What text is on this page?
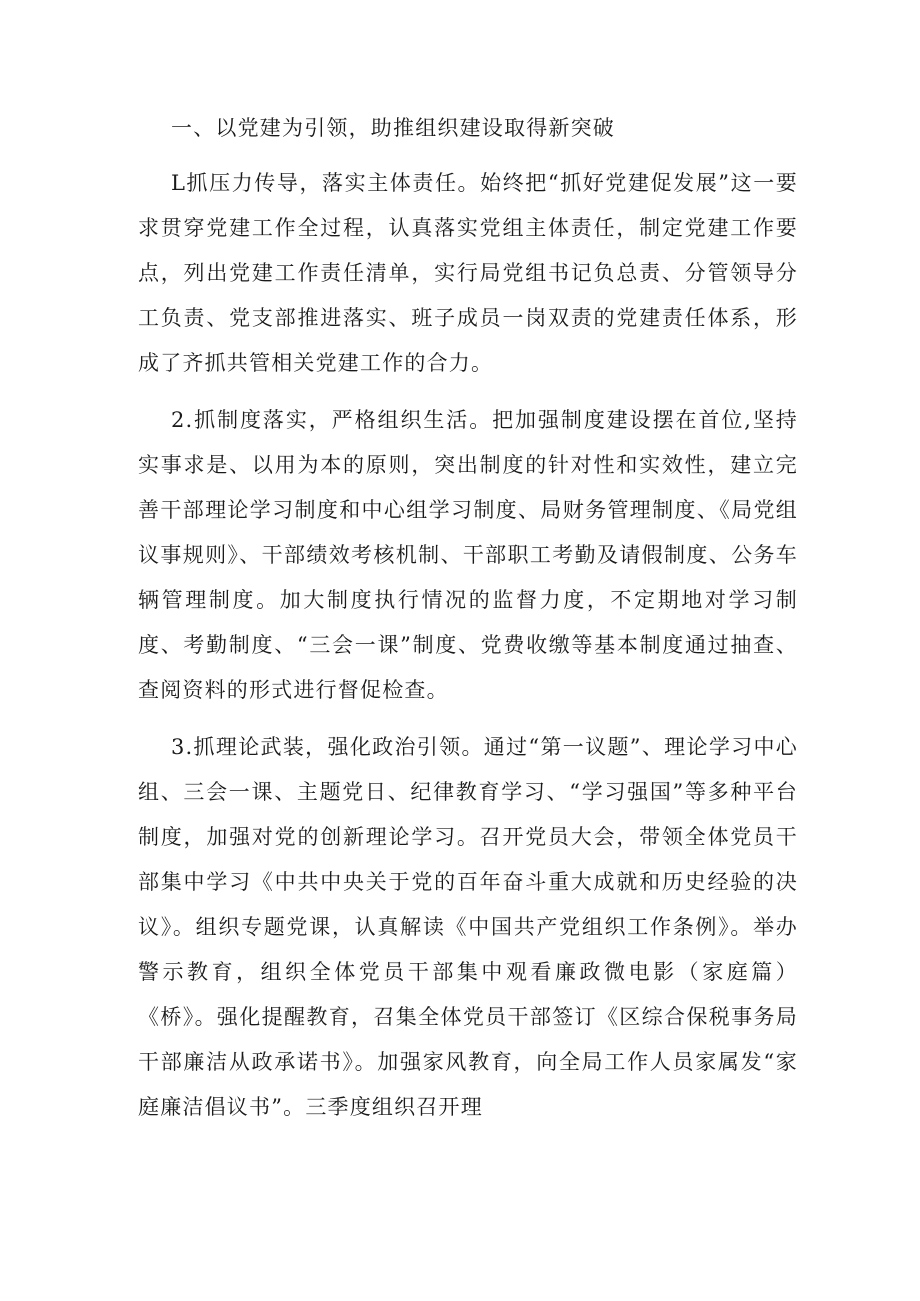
一、以党建为引领，助推组织建设取得新突破

L抓压力传导，落实主体责任。始终把“抓好党建促发展”这一要求贯穿党建工作全过程，认真落实党组主体责任，制定党建工作要点，列出党建工作责任清单，实行局党组书记负总责、分管领导分工负责、党支部推进落实、班子成员一岗双责的党建责任体系，形成了齐抓共管相关党建工作的合力。

2.抓制度落实，严格组织生活。把加强制度建设摆在首位,坚持实事求是、以用为本的原则，突出制度的针对性和实效性，建立完善干部理论学习制度和中心组学习制度、局财务管理制度、《局党组议事规则》、干部绩效考核机制、干部职工考勤及请假制度、公务车辆管理制度。加大制度执行情况的监督力度，不定期地对学习制度、考勤制度、“三会一课”制度、党费收缴等基本制度通过抽查、查阅资料的形式进行督促检查。

3.抓理论武装，强化政治引领。通过“第一议题”、理论学习中心组、三会一课、主题党日、纪律教育学习、“学习强国”等多种平台制度，加强对党的创新理论学习。召开党员大会，带领全体党员干部集中学习《中共中央关于党的百年奋斗重大成就和历史经验的决议》。组织专题党课，认真解读《中国共产党组织工作条例》。举办警示教育，组织全体党员干部集中观看廉政微电影（家庭篇）《桥》。强化提醒教育，召集全体党员干部签订《区综合保税事务局干部廉洁从政承诺书》。加强家风教育，向全局工作人员家属发“家庭廉洁倡议书”。三季度组织召开理
